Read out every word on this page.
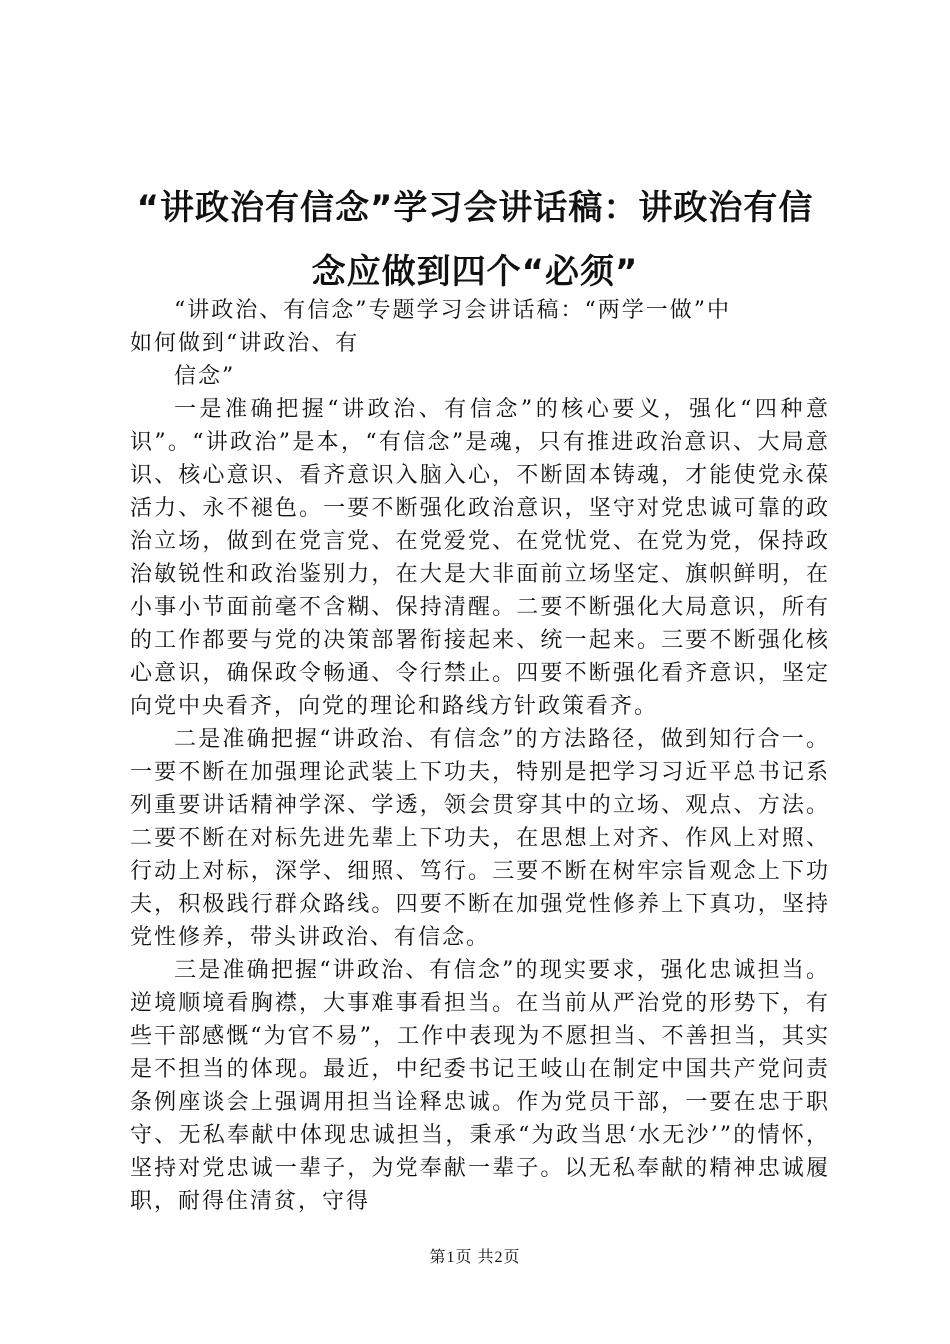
“讲政治有信念”学习会讲话稿：讲政治有信念应做到四个“必须”

“讲政治、有信念”专题学习会讲话稿：“两学一做”中

如何做到“讲政治、有

信念”

一是准确把握“讲政治、有信念”的核心要义，强化“四种意识”。“讲政治”是本，“有信念”是魂，只有推进政治意识、大局意识、核心意识、看齐意识入脑入心，不断固本铸魂，才能使党永葆活力、永不褪色。一要不断强化政治意识，坚守对党忠诚可靠的政治立场，做到在党言党、在党爱党、在党忧党、在党为党，保持政治敏锐性和政治鉴别力，在大是大非面前立场坚定、旗帜鲜明，在小事小节面前毫不含糊、保持清醒。二要不断强化大局意识，所有的工作都要与党的决策部署衔接起来、统一起来。三要不断强化核心意识，确保政令畅通、令行禁止。四要不断强化看齐意识，坚定向党中央看齐，向党的理论和路线方针政策看齐。

二是准确把握“讲政治、有信念”的方法路径，做到知行合一。一要不断在加强理论武装上下功夫，特别是把学习习近平总书记系列重要讲话精神学深、学透，领会贯穿其中的立场、观点、方法。二要不断在对标先进先辈上下功夫，在思想上对齐、作风上对照、行动上对标，深学、细照、笃行。三要不断在树牢宗旨观念上下功夫，积极践行群众路线。四要不断在加强党性修养上下真功，坚持党性修养，带头讲政治、有信念。

三是准确把握“讲政治、有信念”的现实要求，强化忠诚担当。逆境顺境看胸襟，大事难事看担当。在当前从严治党的形势下，有些干部感慨“为官不易”，工作中表现为不愿担当、不善担当，其实是不担当的体现。最近，中纪委书记王岐山在制定中国共产党问责条例座谈会上强调用担当诠释忠诚。作为党员干部，一要在忠于职守、无私奉献中体现忠诚担当，秉承“为政当思‘水无沙’”的情怀，坚持对党忠诚一辈子，为党奉献一辈子。以无私奉献的精神忠诚履职，耐得住清贫，守得

第1页 共2页
